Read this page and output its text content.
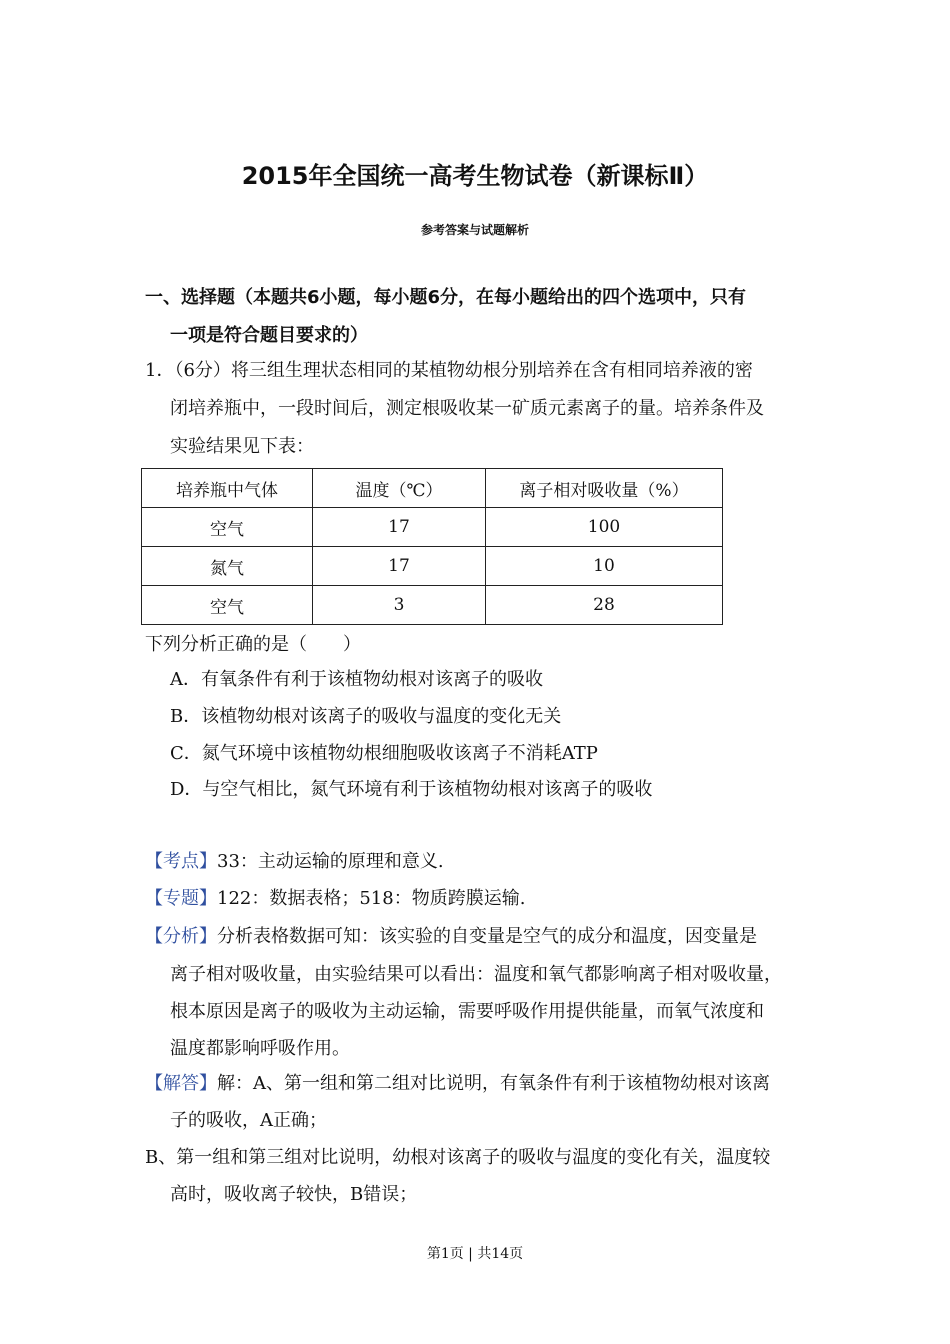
2015年全国统一高考生物试卷（新课标Ⅱ）
参考答案与试题解析
一、选择题（本题共6小题，每小题6分，在每小题给出的四个选项中，只有
一项是符合题目要求的）
1．（6分）将三组生理状态相同的某植物幼根分别培养在含有相同培养液的密
闭培养瓶中，一段时间后，测定根吸收某一矿质元素离子的量。培养条件及
实验结果见下表：
培养瓶中气体	温度（℃）	离子相对吸收量（%）
空气	17	100
氮气	17	10
空气	3	28
下列分析正确的是（　　）
A．有氧条件有利于该植物幼根对该离子的吸收
B．该植物幼根对该离子的吸收与温度的变化无关
C．氮气环境中该植物幼根细胞吸收该离子不消耗ATP
D．与空气相比，氮气环境有利于该植物幼根对该离子的吸收
【考点】33：主动运输的原理和意义.
【专题】122：数据表格；518：物质跨膜运输.
【分析】分析表格数据可知：该实验的自变量是空气的成分和温度，因变量是
离子相对吸收量，由实验结果可以看出：温度和氧气都影响离子相对吸收量，
根本原因是离子的吸收为主动运输，需要呼吸作用提供能量，而氧气浓度和
温度都影响呼吸作用。
【解答】解：A、第一组和第二组对比说明，有氧条件有利于该植物幼根对该离
子的吸收，A正确；
B、第一组和第三组对比说明，幼根对该离子的吸收与温度的变化有关，温度较
高时，吸收离子较快，B错误；
第1页 | 共14页
